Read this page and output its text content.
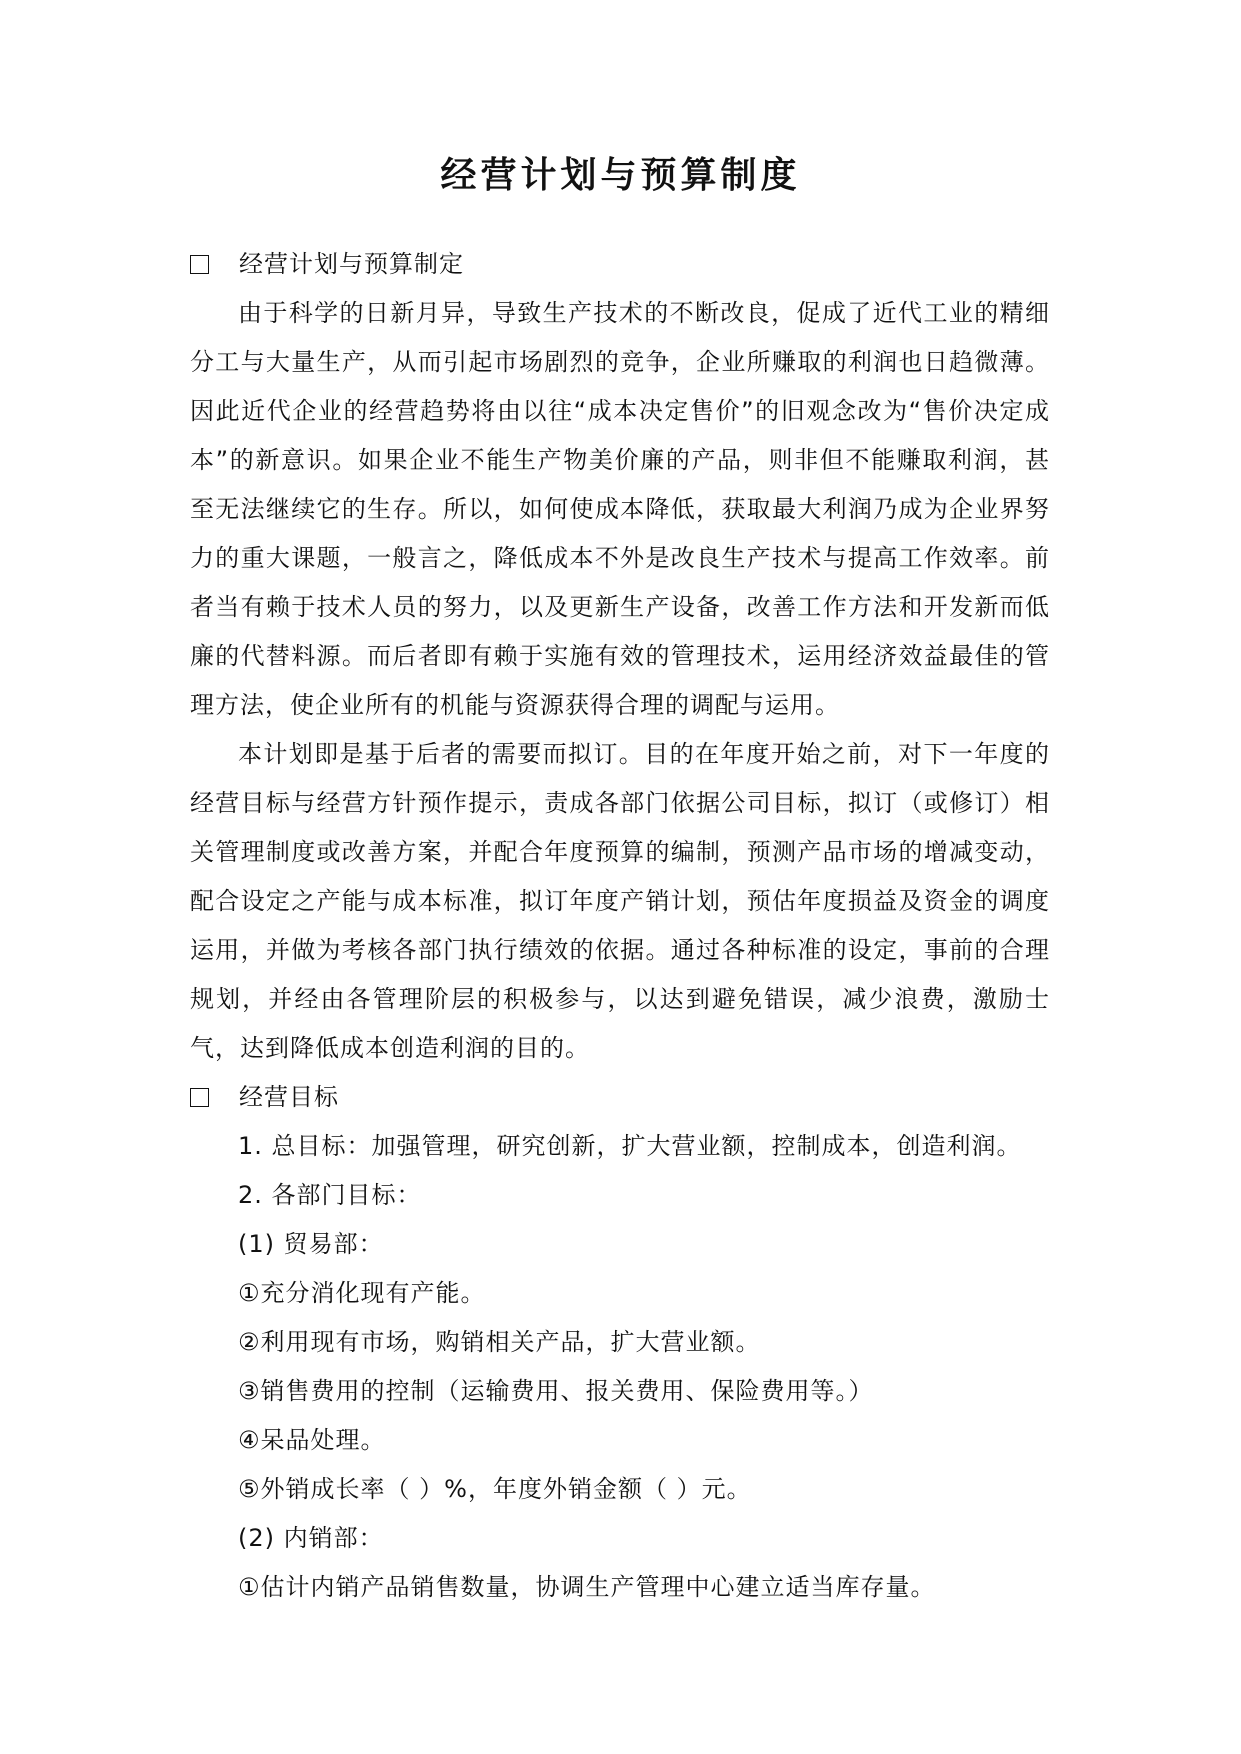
经营计划与预算制度
经营计划与预算制定

由于科学的日新月异，导致生产技术的不断改良，促成了近代工业的精细分工与大量生产，从而引起市场剧烈的竞争，企业所赚取的利润也日趋微薄。因此近代企业的经营趋势将由以往“成本决定售价”的旧观念改为“售价决定成本”的新意识。如果企业不能生产物美价廉的产品，则非但不能赚取利润，甚至无法继续它的生存。所以，如何使成本降低，获取最大利润乃成为企业界努力的重大课题，一般言之，降低成本不外是改良生产技术与提高工作效率。前者当有赖于技术人员的努力，以及更新生产设备，改善工作方法和开发新而低廉的代替料源。而后者即有赖于实施有效的管理技术，运用经济效益最佳的管理方法，使企业所有的机能与资源获得合理的调配与运用。

本计划即是基于后者的需要而拟订。目的在年度开始之前，对下一年度的经营目标与经营方针预作提示，责成各部门依据公司目标，拟订（或修订）相关管理制度或改善方案，并配合年度预算的编制，预测产品市场的增减变动，配合设定之产能与成本标准，拟订年度产销计划，预估年度损益及资金的调度运用，并做为考核各部门执行绩效的依据。通过各种标准的设定，事前的合理规划，并经由各管理阶层的积极参与，以达到避免错误，减少浪费，激励士气，达到降低成本创造利润的目的。

经营目标
1. 总目标：加强管理，研究创新，扩大营业额，控制成本，创造利润。
2. 各部门目标：
(1) 贸易部：
①充分消化现有产能。
②利用现有市场，购销相关产品，扩大营业额。
③销售费用的控制（运输费用、报关费用、保险费用等。）
④呆品处理。
⑤外销成长率（ ）%，年度外销金额（ ）元。
(2) 内销部：
①估计内销产品销售数量，协调生产管理中心建立适当库存量。
